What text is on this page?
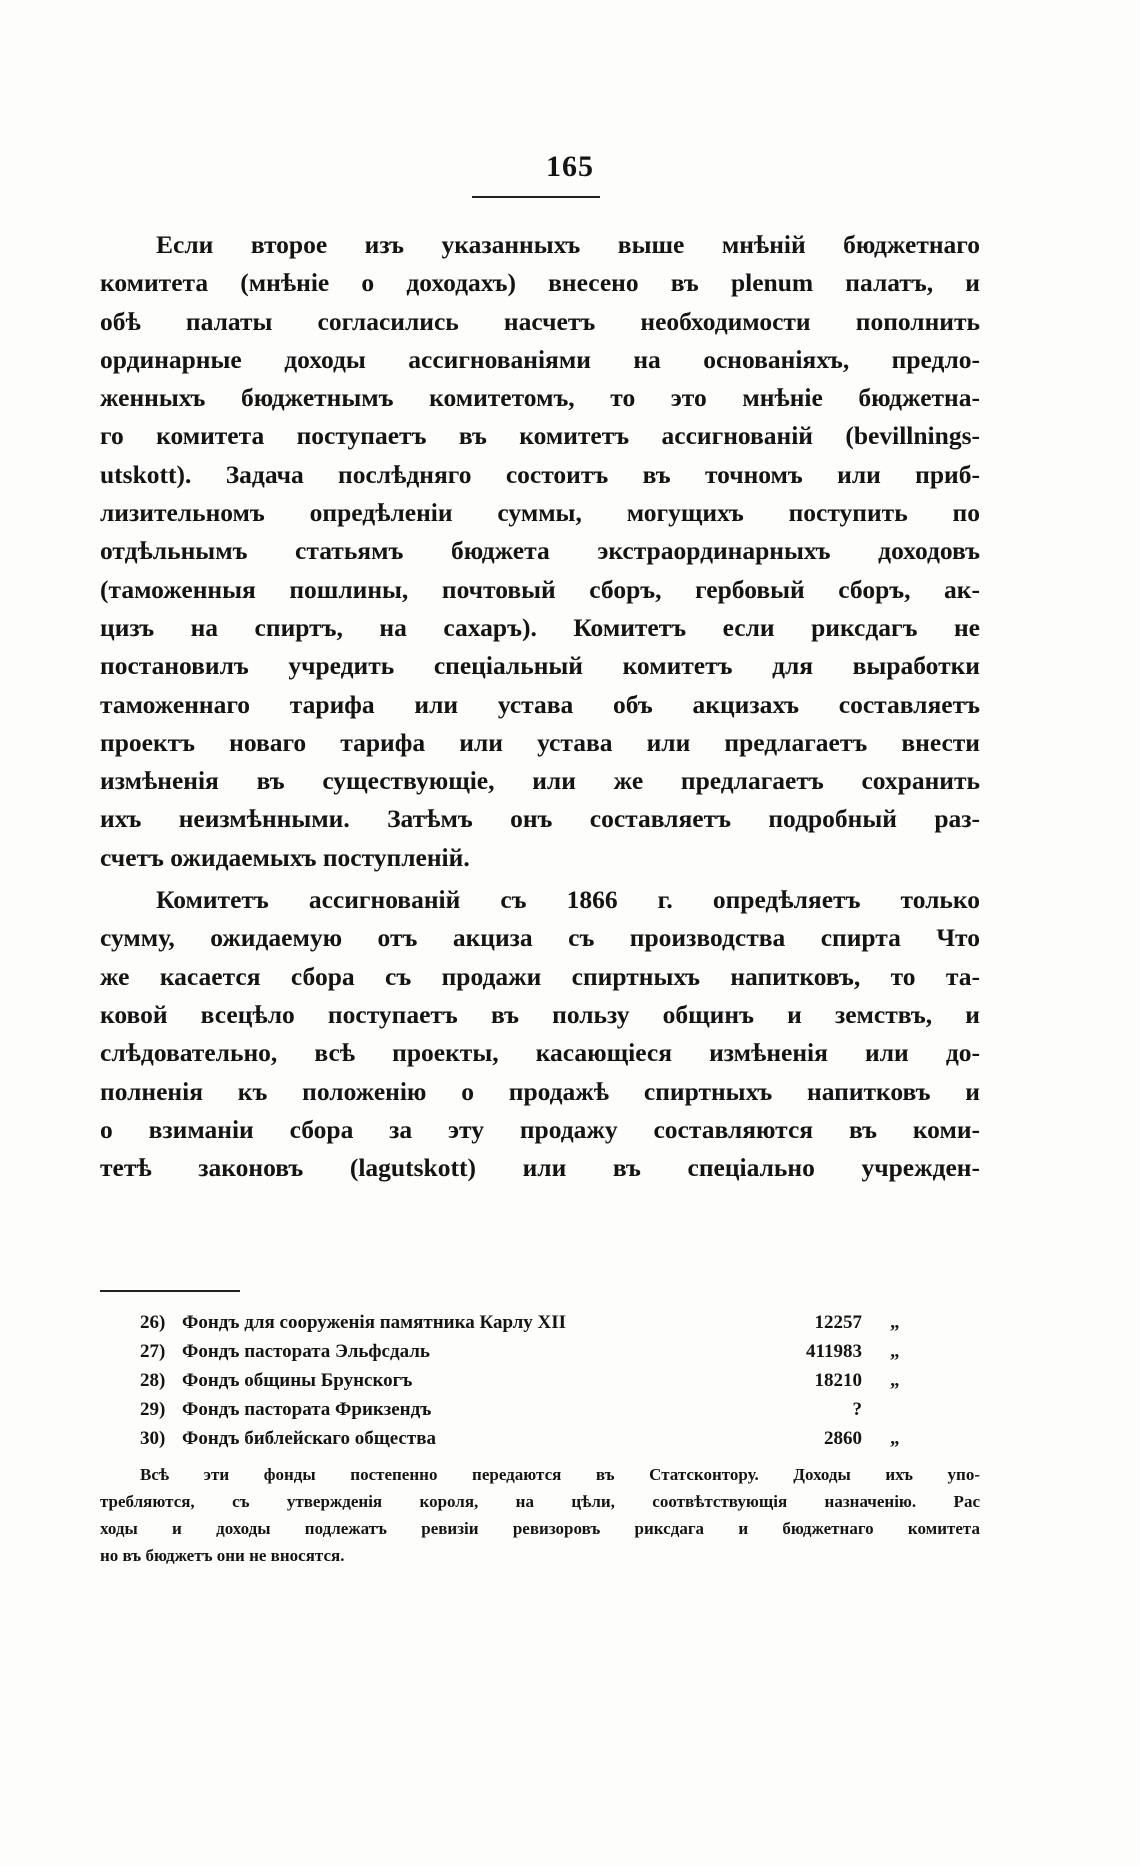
165
Если второе изъ указанныхъ выше мнѣній бюджетнаго
комитета (мнѣніе о доходахъ) внесено въ plenum палатъ, и
обѣ палаты согласились насчетъ необходимости пополнить
ординарные доходы ассигнованіями на основаніяхъ, предло-
женныхъ бюджетнымъ комитетомъ, то это мнѣніе бюджетна-
го комитета поступаетъ въ комитетъ ассигнованій (bevillnings-
utskott). Задача послѣдняго состоитъ въ точномъ или приб-
лизительномъ опредѣленіи суммы, могущихъ поступить по
отдѣльнымъ статьямъ бюджета экстраординарныхъ доходовъ
(таможенныя пошлины, почтовый сборъ, гербовый сборъ, ак-
цизъ на спиртъ, на сахаръ). Комитетъ если риксдагъ не
постановилъ учредить спеціальный комитетъ для выработки
таможеннаго тарифа или устава объ акцизахъ составляетъ
проектъ новаго тарифа или устава или предлагаетъ внести
измѣненія въ существующіе, или же предлагаетъ сохранить
ихъ неизмѣнными. Затѣмъ онъ составляетъ подробный раз-
счетъ ожидаемыхъ поступленій.
Комитетъ ассигнованій съ 1866 г. опредѣляетъ только
сумму, ожидаемую отъ акциза съ производства спирта Что
же касается сбора съ продажи спиртныхъ напитковъ, то та-
ковой всецѣло поступаетъ въ пользу общинъ и земствъ, и
слѣдовательно, всѣ проекты, касающіеся измѣненія или до-
полненія къ положенію о продажѣ спиртныхъ напитковъ и
о взиманіи сбора за эту продажу составляются въ коми-
тетѣ законовъ (lagutskott) или въ спеціально учрежден-
26) Фондъ для сооруженія памятника Карлу XII	12257 „
27) Фондъ пастората Эльфсдаль	411983 „
28) Фондъ общины Брунскогъ	18210 „
29) Фондъ пастората Фрикзендъ	?
30) Фондъ библейскаго общества	2860 „
Всѣ эти фонды постепенно передаются въ Статсконтору. Доходы ихъ упо-
требляются, съ утвержденія короля, на цѣли, соотвѣтствующія назначенію. Рас
ходы и доходы подлежатъ ревизіи ревизоровъ риксдага и бюджетнаго комитета
но въ бюджетъ они не вносятся.
